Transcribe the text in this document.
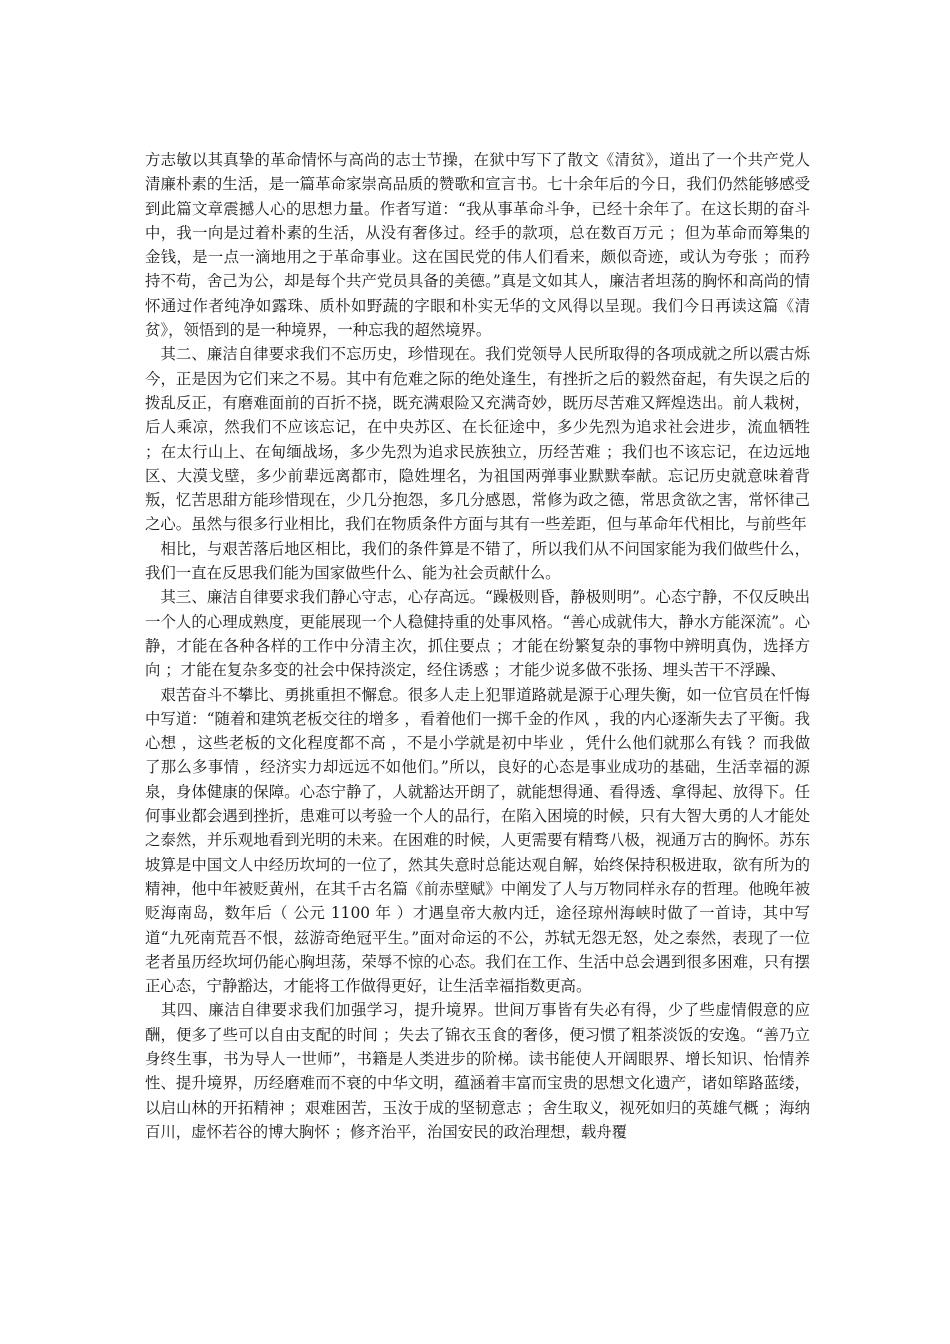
方志敏以其真挚的革命情怀与高尚的志士节操，在狱中写下了散文《清贫》，道出了一个共产党人清廉朴素的生活，是一篇革命家崇高品质的赞歌和宣言书。七十余年后的今日，我们仍然能够感受到此篇文章震撼人心的思想力量。作者写道：“我从事革命斗争，已经十余年了。在这长期的奋斗中，我一向是过着朴素的生活，从没有奢侈过。经手的款项，总在数百万元 ；但为革命而筹集的金钱，是一点一滴地用之于革命事业。这在国民党的伟人们看来，颇似奇迹，或认为夸张 ；而矜持不苟，舍己为公，却是每个共产党员具备的美德。”真是文如其人，廉洁者坦荡的胸怀和高尚的情怀通过作者纯净如露珠、质朴如野蔬的字眼和朴实无华的文风得以呈现。我们今日再读这篇《清贫》，领悟到的是一种境界，一种忘我的超然境界。

　其二、廉洁自律要求我们不忘历史，珍惜现在。我们党领导人民所取得的各项成就之所以震古烁今，正是因为它们来之不易。其中有危难之际的绝处逢生，有挫折之后的毅然奋起，有失误之后的拨乱反正，有磨难面前的百折不挠，既充满艰险又充满奇妙，既历尽苦难又辉煌迭出。前人栽树，后人乘凉，然我们不应该忘记，在中央苏区、在长征途中，多少先烈为追求社会进步，流血牺牲 ；在太行山上、在甸缅战场，多少先烈为追求民族独立，历经苦难 ；我们也不该忘记，在边远地区、大漠戈壁，多少前辈远离都市，隐姓埋名，为祖国两弹事业默默奉献。忘记历史就意味着背叛，忆苦思甜方能珍惜现在，少几分抱怨，多几分感恩，常修为政之德，常思贪欲之害，常怀律己之心。虽然与很多行业相比，我们在物质条件方面与其有一些差距，但与革命年代相比，与前些年

　相比，与艰苦落后地区相比，我们的条件算是不错了，所以我们从不问国家能为我们做些什么，我们一直在反思我们能为国家做些什么、能为社会贡献什么。

　其三、廉洁自律要求我们静心守志，心存高远。“躁极则昏，静极则明”。心态宁静，不仅反映出一个人的心理成熟度，更能展现一个人稳健持重的处事风格。“善心成就伟大，静水方能深流”。心静，才能在各种各样的工作中分清主次，抓住要点 ；才能在纷繁复杂的事物中辨明真伪，选择方向 ；才能在复杂多变的社会中保持淡定，经住诱惑 ；才能少说多做不张扬、埋头苦干不浮躁、

　艰苦奋斗不攀比、勇挑重担不懈怠。很多人走上犯罪道路就是源于心理失衡，如一位官员在忏悔中写道：“随着和建筑老板交往的增多 ，看着他们一掷千金的作风 ，我的内心逐渐失去了平衡。我心想 ，这些老板的文化程度都不高 ，不是小学就是初中毕业 ，凭什么他们就那么有钱 ？而我做了那么多事情 ，经济实力却远远不如他们。”所以，良好的心态是事业成功的基础，生活幸福的源泉，身体健康的保障。心态宁静了，人就豁达开朗了，就能想得通、看得透、拿得起、放得下。任何事业都会遇到挫折，患难可以考验一个人的品行，在陷入困境的时候，只有大智大勇的人才能处之泰然，并乐观地看到光明的未来。在困难的时候，人更需要有精骛八极，视通万古的胸怀。苏东坡算是中国文人中经历坎坷的一位了，然其失意时总能达观自解，始终保持积极进取，欲有所为的精神，他中年被贬黄州，在其千古名篇《前赤壁赋》中阐发了人与万物同样永存的哲理。他晚年被贬海南岛，数年后（ 公元 1100 年 ）才遇皇帝大赦内迁，途径琼州海峡时做了一首诗，其中写道“九死南荒吾不恨，兹游奇绝冠平生。”面对命运的不公，苏轼无怨无怒，处之泰然，表现了一位老者虽历经坎坷仍能心胸坦荡，荣辱不惊的心态。我们在工作、生活中总会遇到很多困难，只有摆正心态，宁静豁达，才能将工作做得更好，让生活幸福指数更高。

　其四、廉洁自律要求我们加强学习，提升境界。世间万事皆有失必有得，少了些虚情假意的应酬，便多了些可以自由支配的时间 ；失去了锦衣玉食的奢侈，便习惯了粗茶淡饭的安逸。“善乃立身终生事，书为导人一世师”，书籍是人类进步的阶梯。读书能使人开阔眼界、增长知识、怡情养性、提升境界，历经磨难而不衰的中华文明，蕴涵着丰富而宝贵的思想文化遗产，诸如筚路蓝缕，以启山林的开拓精神 ；艰难困苦，玉汝于成的坚韧意志 ；舍生取义，视死如归的英雄气概 ；海纳百川，虚怀若谷的博大胸怀 ；修齐治平，治国安民的政治理想，载舟覆
